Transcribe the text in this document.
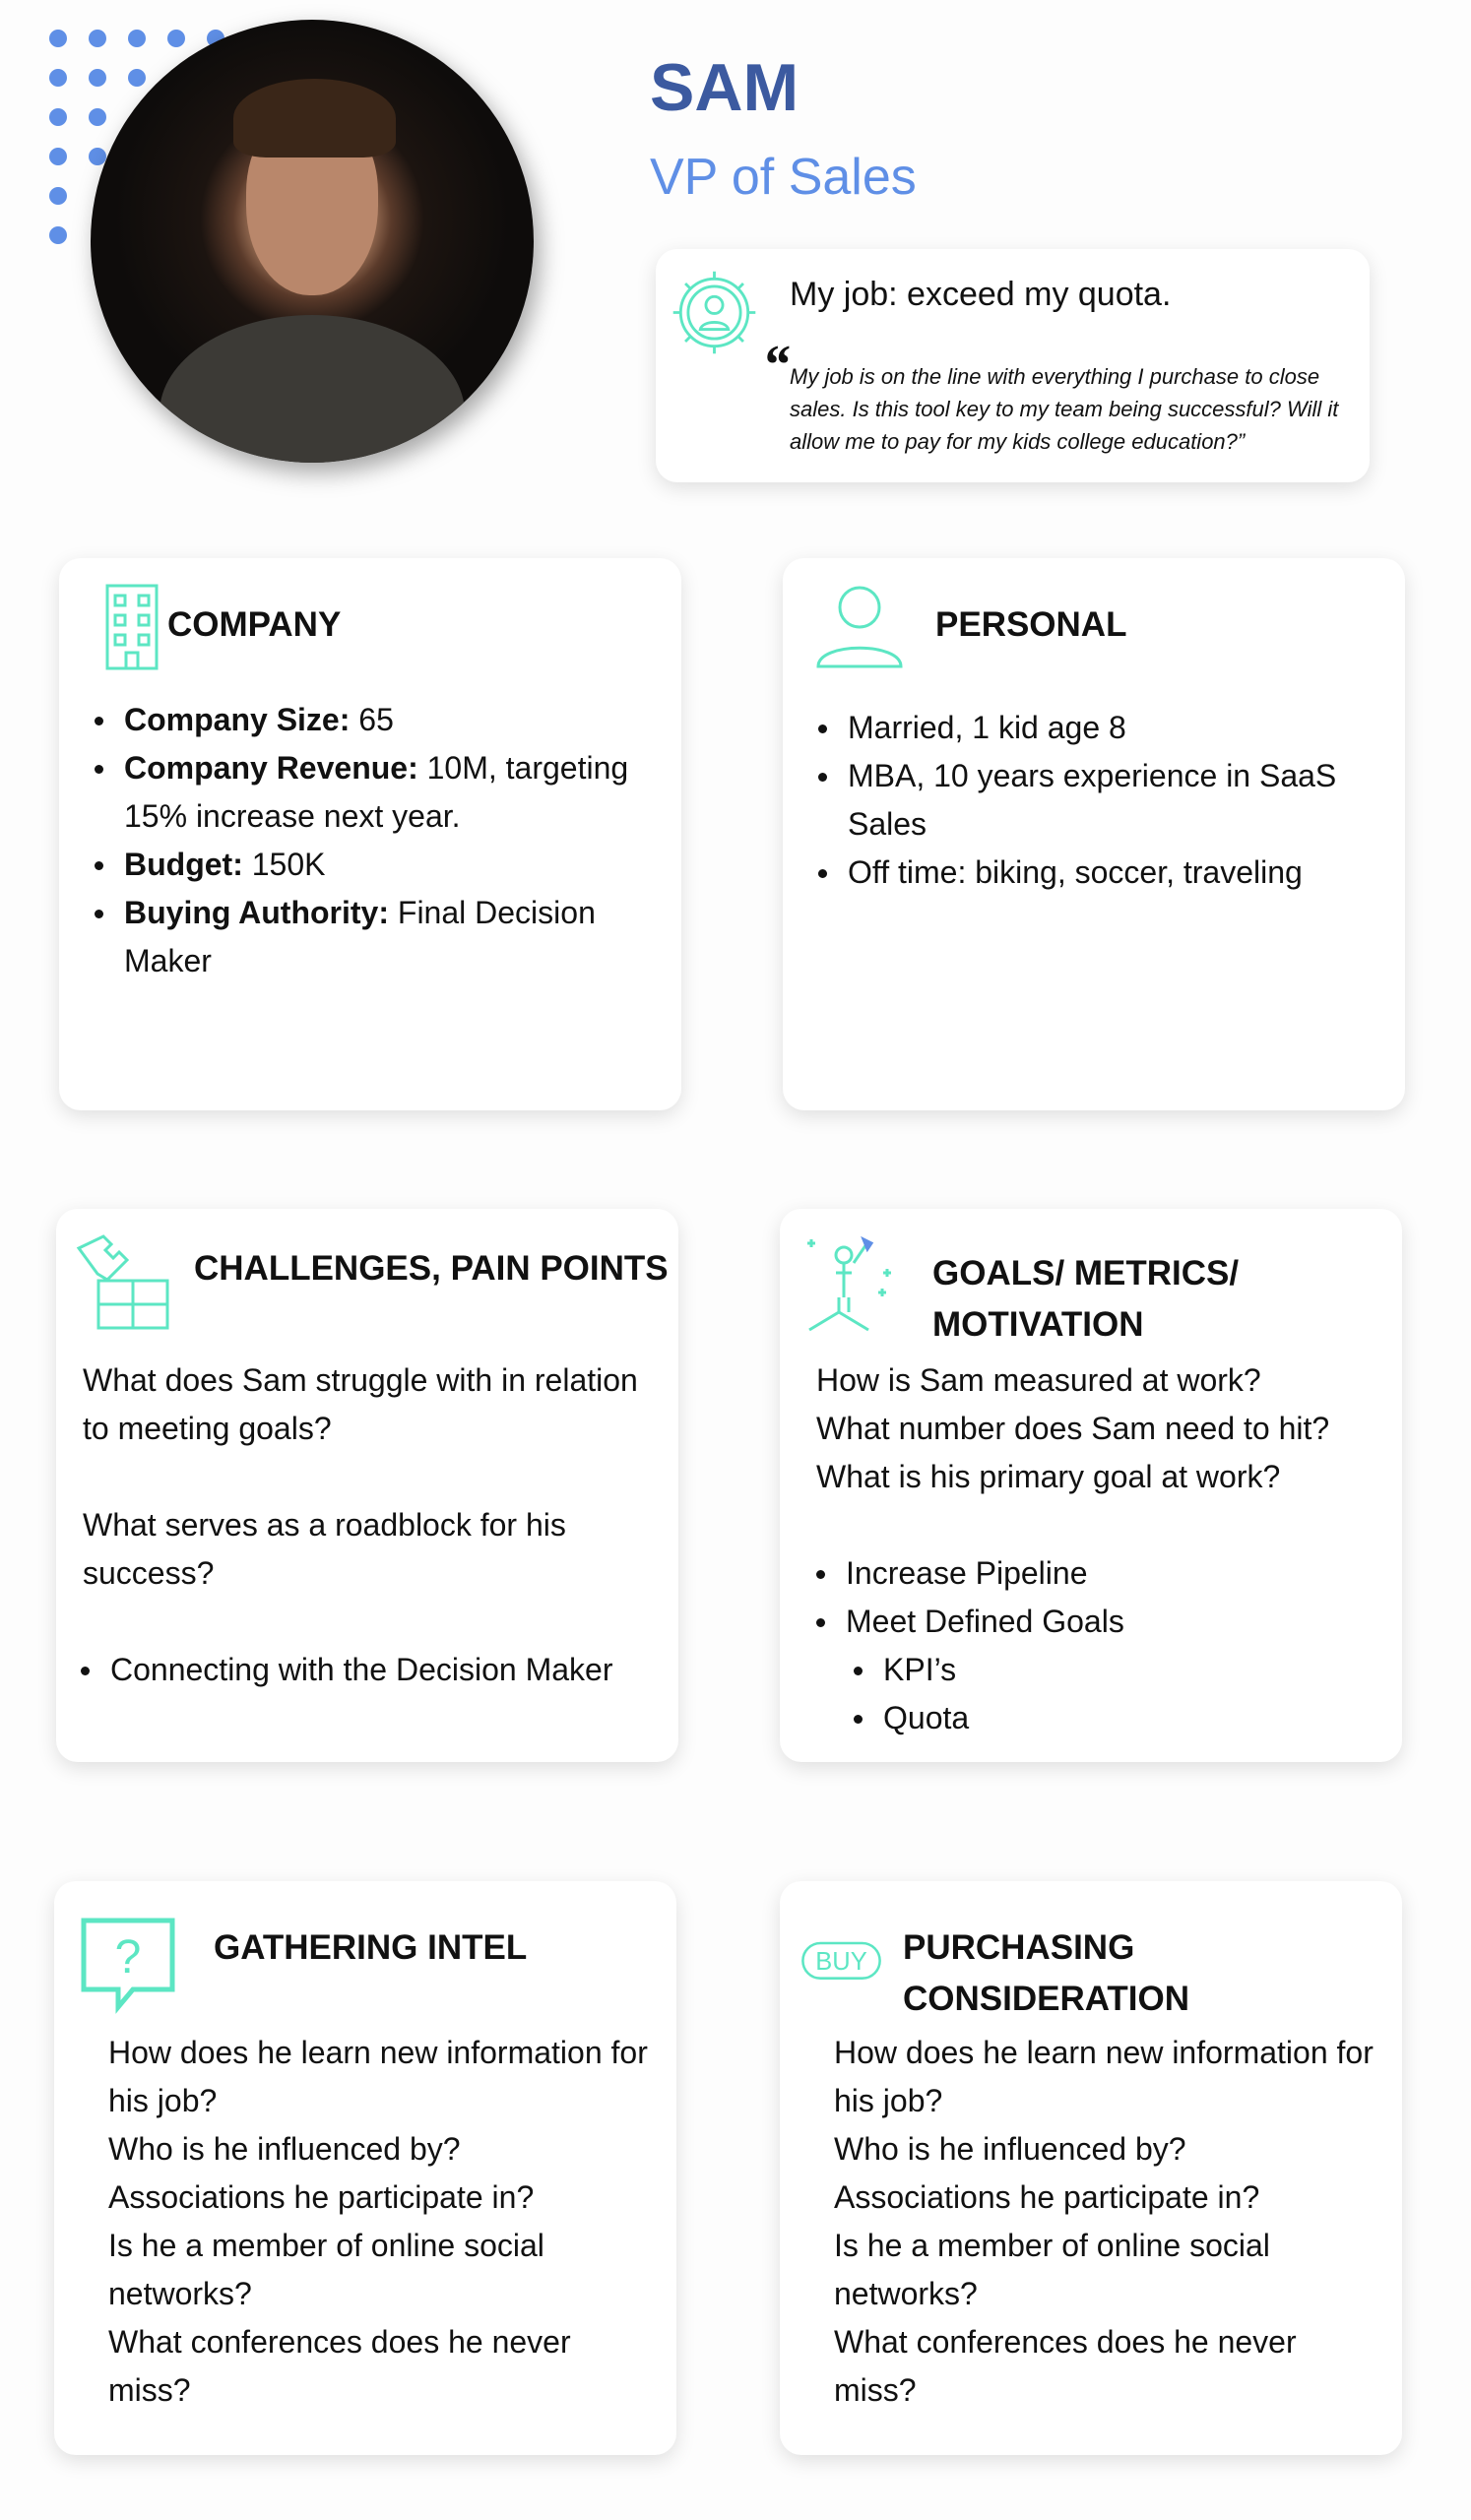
SAM
VP of Sales
My job: exceed my quota.
“ My job is on the line with everything I purchase to close sales. Is this tool key to my team being successful? Will it allow me to pay for my kids college education?”
COMPANY
Company Size: 65
Company Revenue: 10M, targeting 15% increase next year.
Budget: 150K
Buying Authority: Final Decision Maker
PERSONAL
Married, 1 kid age 8
MBA, 10 years experience in SaaS Sales
Off time: biking, soccer, traveling
CHALLENGES, PAIN POINTS

What does Sam struggle with in relation to meeting goals?

What serves as a roadblock for his success?

Connecting with the Decision Maker
GOALS/ METRICS/ MOTIVATION

How is Sam measured at work?

What number does Sam need to hit?

What is his primary goal at work?

Increase Pipeline
Meet Defined Goals
KPI’s
Quota
? GATHERING INTEL

How does he learn new information for his job?

Who is he influenced by?

Associations he participate in?

Is he a member of online social networks?

What conferences does he never miss?

BUY PURCHASING CONSIDERATION

How does he learn new information for his job?

Who is he influenced by?

Associations he participate in?

Is he a member of online social networks?

What conferences does he never miss?
